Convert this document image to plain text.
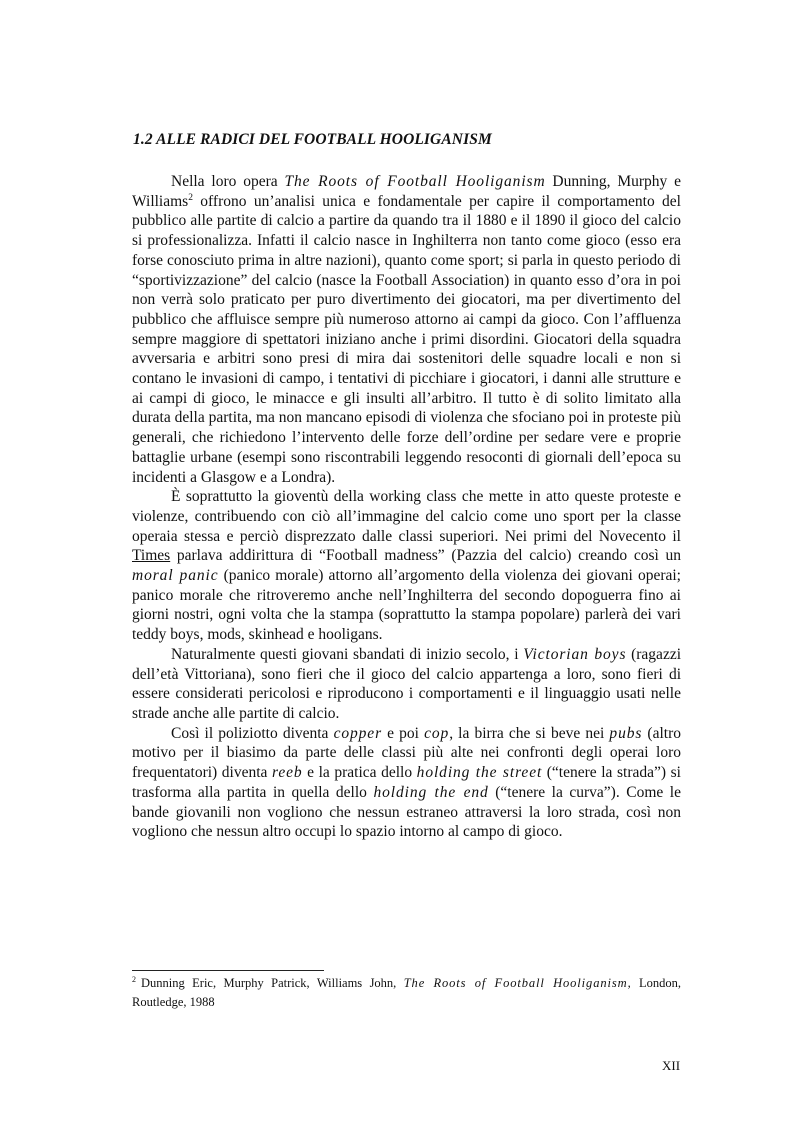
1.2 ALLE RADICI DEL FOOTBALL HOOLIGANISM

Nella loro opera The Roots of Football Hooliganism Dunning, Murphy e Williams$^2$ offrono un’analisi unica e fondamentale per capire il comportamento del pubblico alle partite di calcio a partire da quando tra il 1880 e il 1890 il gioco del calcio si professionalizza. Infatti il calcio nasce in Inghilterra non tanto come gioco (esso era forse conosciuto prima in altre nazioni), quanto come sport; si parla in questo periodo di “sportivizzazione” del calcio (nasce la Football Association) in quanto esso d’ora in poi non verrà solo praticato per puro divertimento dei giocatori, ma per divertimento del pubblico che affluisce sempre più numeroso attorno ai campi da gioco. Con l’affluenza sempre maggiore di spettatori iniziano anche i primi disordini. Giocatori della squadra avversaria e arbitri sono presi di mira dai sostenitori delle squadre locali e non si contano le invasioni di campo, i tentativi di picchiare i giocatori, i danni alle strutture e ai campi di gioco, le minacce e gli insulti all’arbitro. Il tutto è di solito limitato alla durata della partita, ma non mancano episodi di violenza che sfociano poi in proteste più generali, che richiedono l’intervento delle forze dell’ordine per sedare vere e proprie battaglie urbane (esempi sono riscontrabili leggendo resoconti di giornali dell’epoca su incidenti a Glasgow e a Londra).

È soprattutto la gioventù della working class che mette in atto queste proteste e violenze, contribuendo con ciò all’immagine del calcio come uno sport per la classe operaia stessa e perciò disprezzato dalle classi superiori. Nei primi del Novecento il Times parlava addirittura di “Football madness” (Pazzia del calcio) creando così un moral panic (panico morale) attorno all’argomento della violenza dei giovani operai; panico morale che ritroveremo anche nell’Inghilterra del secondo dopoguerra fino ai giorni nostri, ogni volta che la stampa (soprattutto la stampa popolare) parlerà dei vari teddy boys, mods, skinhead e hooligans.

Naturalmente questi giovani sbandati di inizio secolo, i Victorian boys (ragazzi dell’età Vittoriana), sono fieri che il gioco del calcio appartenga a loro, sono fieri di essere considerati pericolosi e riproducono i comportamenti e il linguaggio usati nelle strade anche alle partite di calcio.

Così il poliziotto diventa copper e poi cop, la birra che si beve nei pubs (altro motivo per il biasimo da parte delle classi più alte nei confronti degli operai loro frequentatori) diventa reeb e la pratica dello holding the street (“tenere la strada”) si trasforma alla partita in quella dello holding the end (“tenere la curva”). Come le bande giovanili non vogliono che nessun estraneo attraversi la loro strada, così non vogliono che nessun altro occupi lo spazio intorno al campo di gioco.

$^2$ Dunning Eric, Murphy Patrick, Williams John, The Roots of Football Hooliganism, London, Routledge, 1988
XII
